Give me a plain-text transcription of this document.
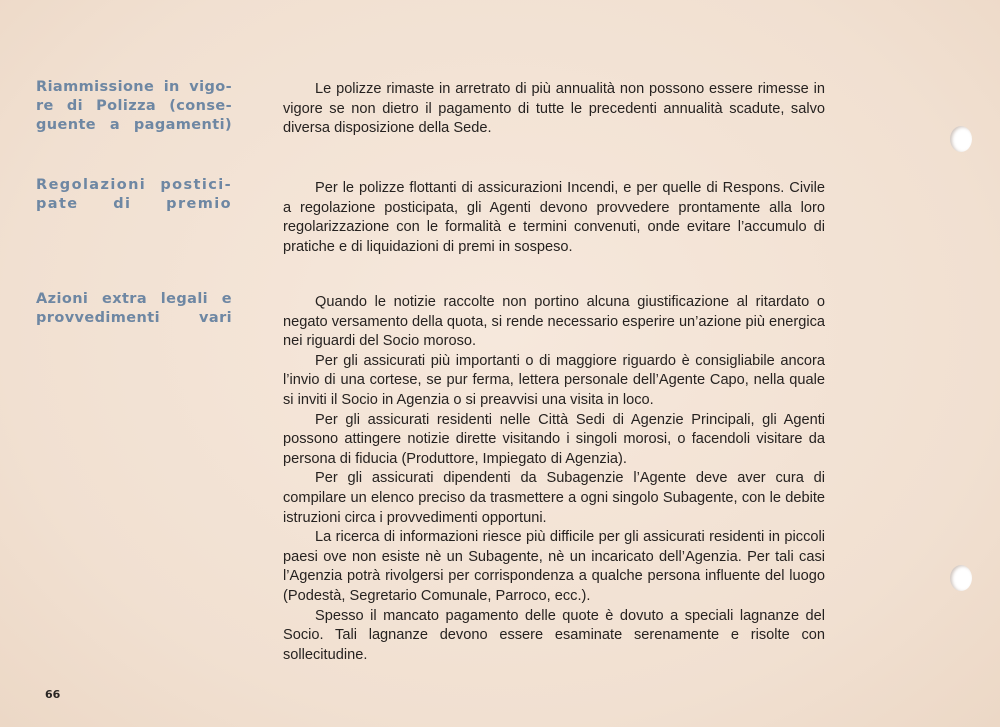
Riammissione in vigo-
re di Polizza (conse-
guente a pagamenti)

Le polizze rimaste in arretrato di più annualità non possono essere rimesse in vigore se non dietro il pagamento di tutte le precedenti annualità scadute, salvo diversa disposizione della Sede.

Regolazioni postici-
pate di premio

Per le polizze flottanti di assicurazioni Incendi, e per quelle di Respons. Civile a regolazione posticipata, gli Agenti devono provvedere prontamente alla loro regolarizzazione con le formalità e termini convenuti, onde evitare l’accumulo di pratiche e di liquidazioni di premi in sospeso.

Azioni extra legali e
provvedimenti vari

Quando le notizie raccolte non portino alcuna giustificazione al ritardato o negato versamento della quota, si rende necessario esperire un’azione più energica nei riguardi del Socio moroso.

Per gli assicurati più importanti o di maggiore riguardo è consigliabile ancora l’invio di una cortese, se pur ferma, lettera personale dell’Agente Capo, nella quale si inviti il Socio in Agenzia o si preavvisi una visita in loco.

Per gli assicurati residenti nelle Città Sedi di Agenzie Principali, gli Agenti possono attingere notizie dirette visitando i singoli morosi, o facendoli visitare da persona di fiducia (Produttore, Impiegato di Agenzia).

Per gli assicurati dipendenti da Subagenzie l’Agente deve aver cura di compilare un elenco preciso da trasmettere a ogni singolo Subagente, con le debite istruzioni circa i provvedimenti opportuni.

La ricerca di informazioni riesce più difficile per gli assicurati residenti in piccoli paesi ove non esiste nè un Subagente, nè un incaricato dell’Agenzia. Per tali casi l’Agenzia potrà rivolgersi per corrispondenza a qualche persona influente del luogo (Podestà, Segretario Comunale, Parroco, ecc.).

Spesso il mancato pagamento delle quote è dovuto a speciali lagnanze del Socio. Tali lagnanze devono essere esaminate serenamente e risolte con sollecitudine.

66
